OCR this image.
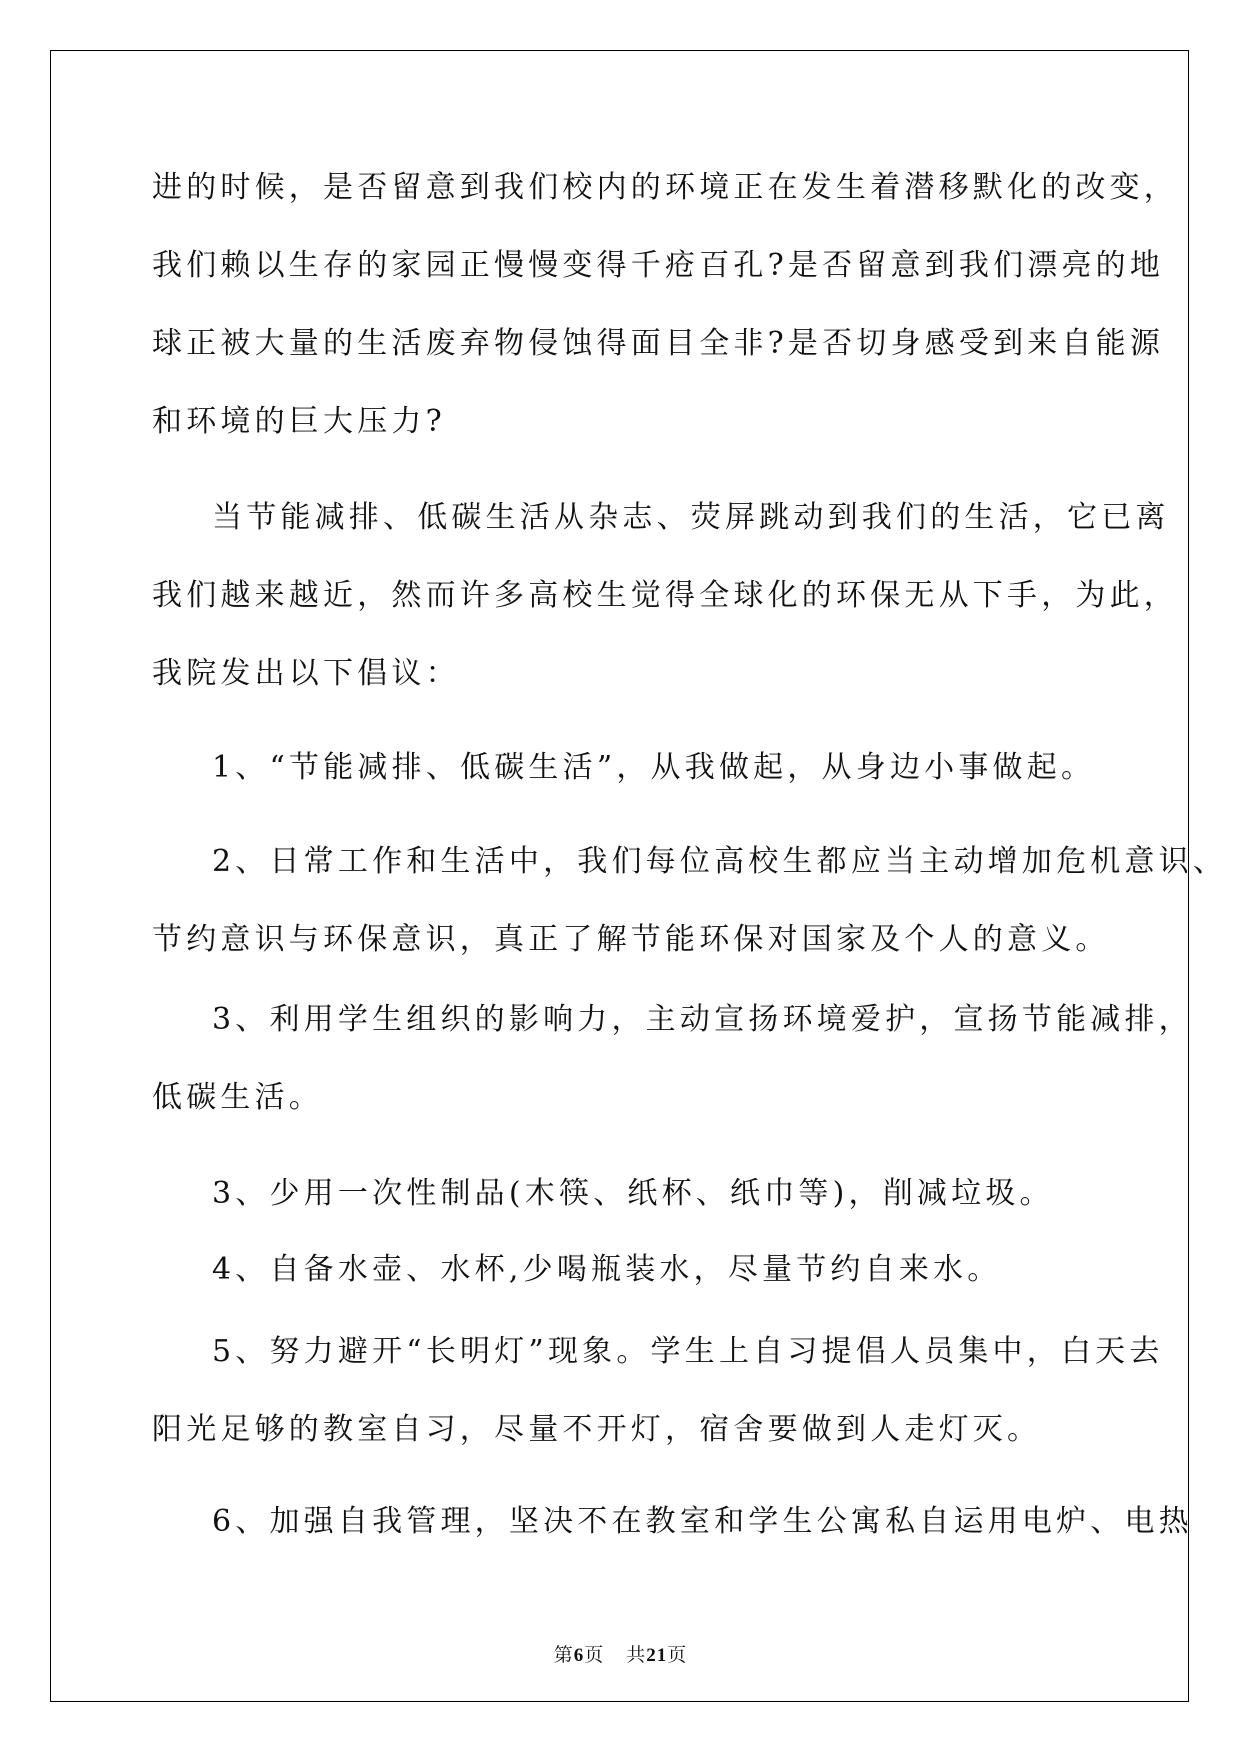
进的时候，是否留意到我们校内的环境正在发生着潜移默化的改变，
我们赖以生存的家园正慢慢变得千疮百孔?是否留意到我们漂亮的地
球正被大量的生活废弃物侵蚀得面目全非?是否切身感受到来自能源
和环境的巨大压力?
当节能减排、低碳生活从杂志、荧屏跳动到我们的生活，它已离
我们越来越近，然而许多高校生觉得全球化的环保无从下手，为此，
我院发出以下倡议：
1、“节能减排、低碳生活”，从我做起，从身边小事做起。
2、日常工作和生活中，我们每位高校生都应当主动增加危机意识、
节约意识与环保意识，真正了解节能环保对国家及个人的意义。
3、利用学生组织的影响力，主动宣扬环境爱护，宣扬节能减排，
低碳生活。
3、少用一次性制品(木筷、纸杯、纸巾等)，削减垃圾。
4、自备水壶、水杯,少喝瓶装水，尽量节约自来水。
5、努力避开“长明灯”现象。学生上自习提倡人员集中，白天去
阳光足够的教室自习，尽量不开灯，宿舍要做到人走灯灭。
6、加强自我管理，坚决不在教室和学生公寓私自运用电炉、电热
第6页 共21页
